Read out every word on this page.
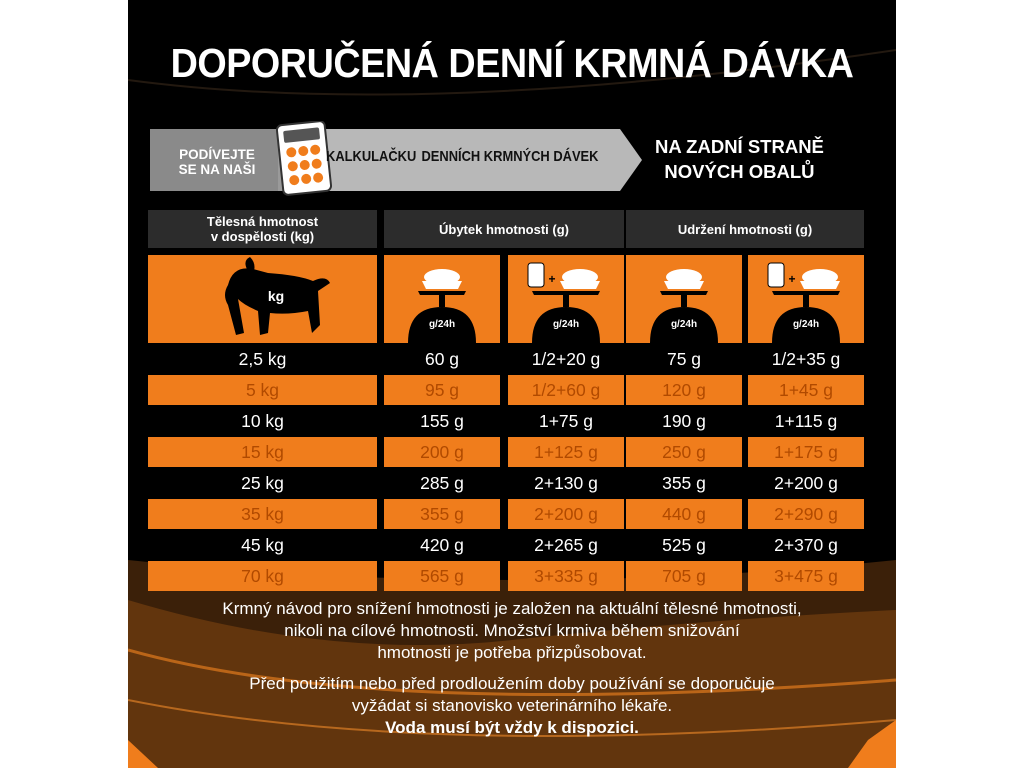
DOPORUČENÁ DENNÍ KRMNÁ DÁVKA
PODÍVEJTE
SE NA NAŠI
KALKULAČKU DENNÍCH KRMNÝCH DÁVEK	NA ZADNÍ STRANĚ
NOVÝCH OBALŮ
Tělesná hmotnost
v dospělosti (kg)	Úbytek hmotnosti (g)	Udržení hmotnosti (g)
kg
g/24h
+
g/24h	g/24h
+
g/24h
2,5 kg	60 g	1/2+20 g	75 g	1/2+35 g
5 kg	95 g	1/2+60 g	120 g	1+45 g
10 kg	155 g	1+75 g	190 g	1+115 g
15 kg	200 g	1+125 g	250 g	1+175 g
25 kg	285 g	2+130 g	355 g	2+200 g
35 kg	355 g	2+200 g	440 g	2+290 g
45 kg	420 g	2+265 g	525 g	2+370 g
70 kg	565 g	3+335 g	705 g	3+475 g
Krmný návod pro snížení hmotnosti je založen na aktuální tělesné hmotnosti,
nikoli na cílové hmotnosti. Množství krmiva během snižování
hmotnosti je potřeba přizpůsobovat.
Před použitím nebo před prodloužením doby používání se doporučuje
vyžádat si stanovisko veterinárního lékaře.
Voda musí být vždy k dispozici.
